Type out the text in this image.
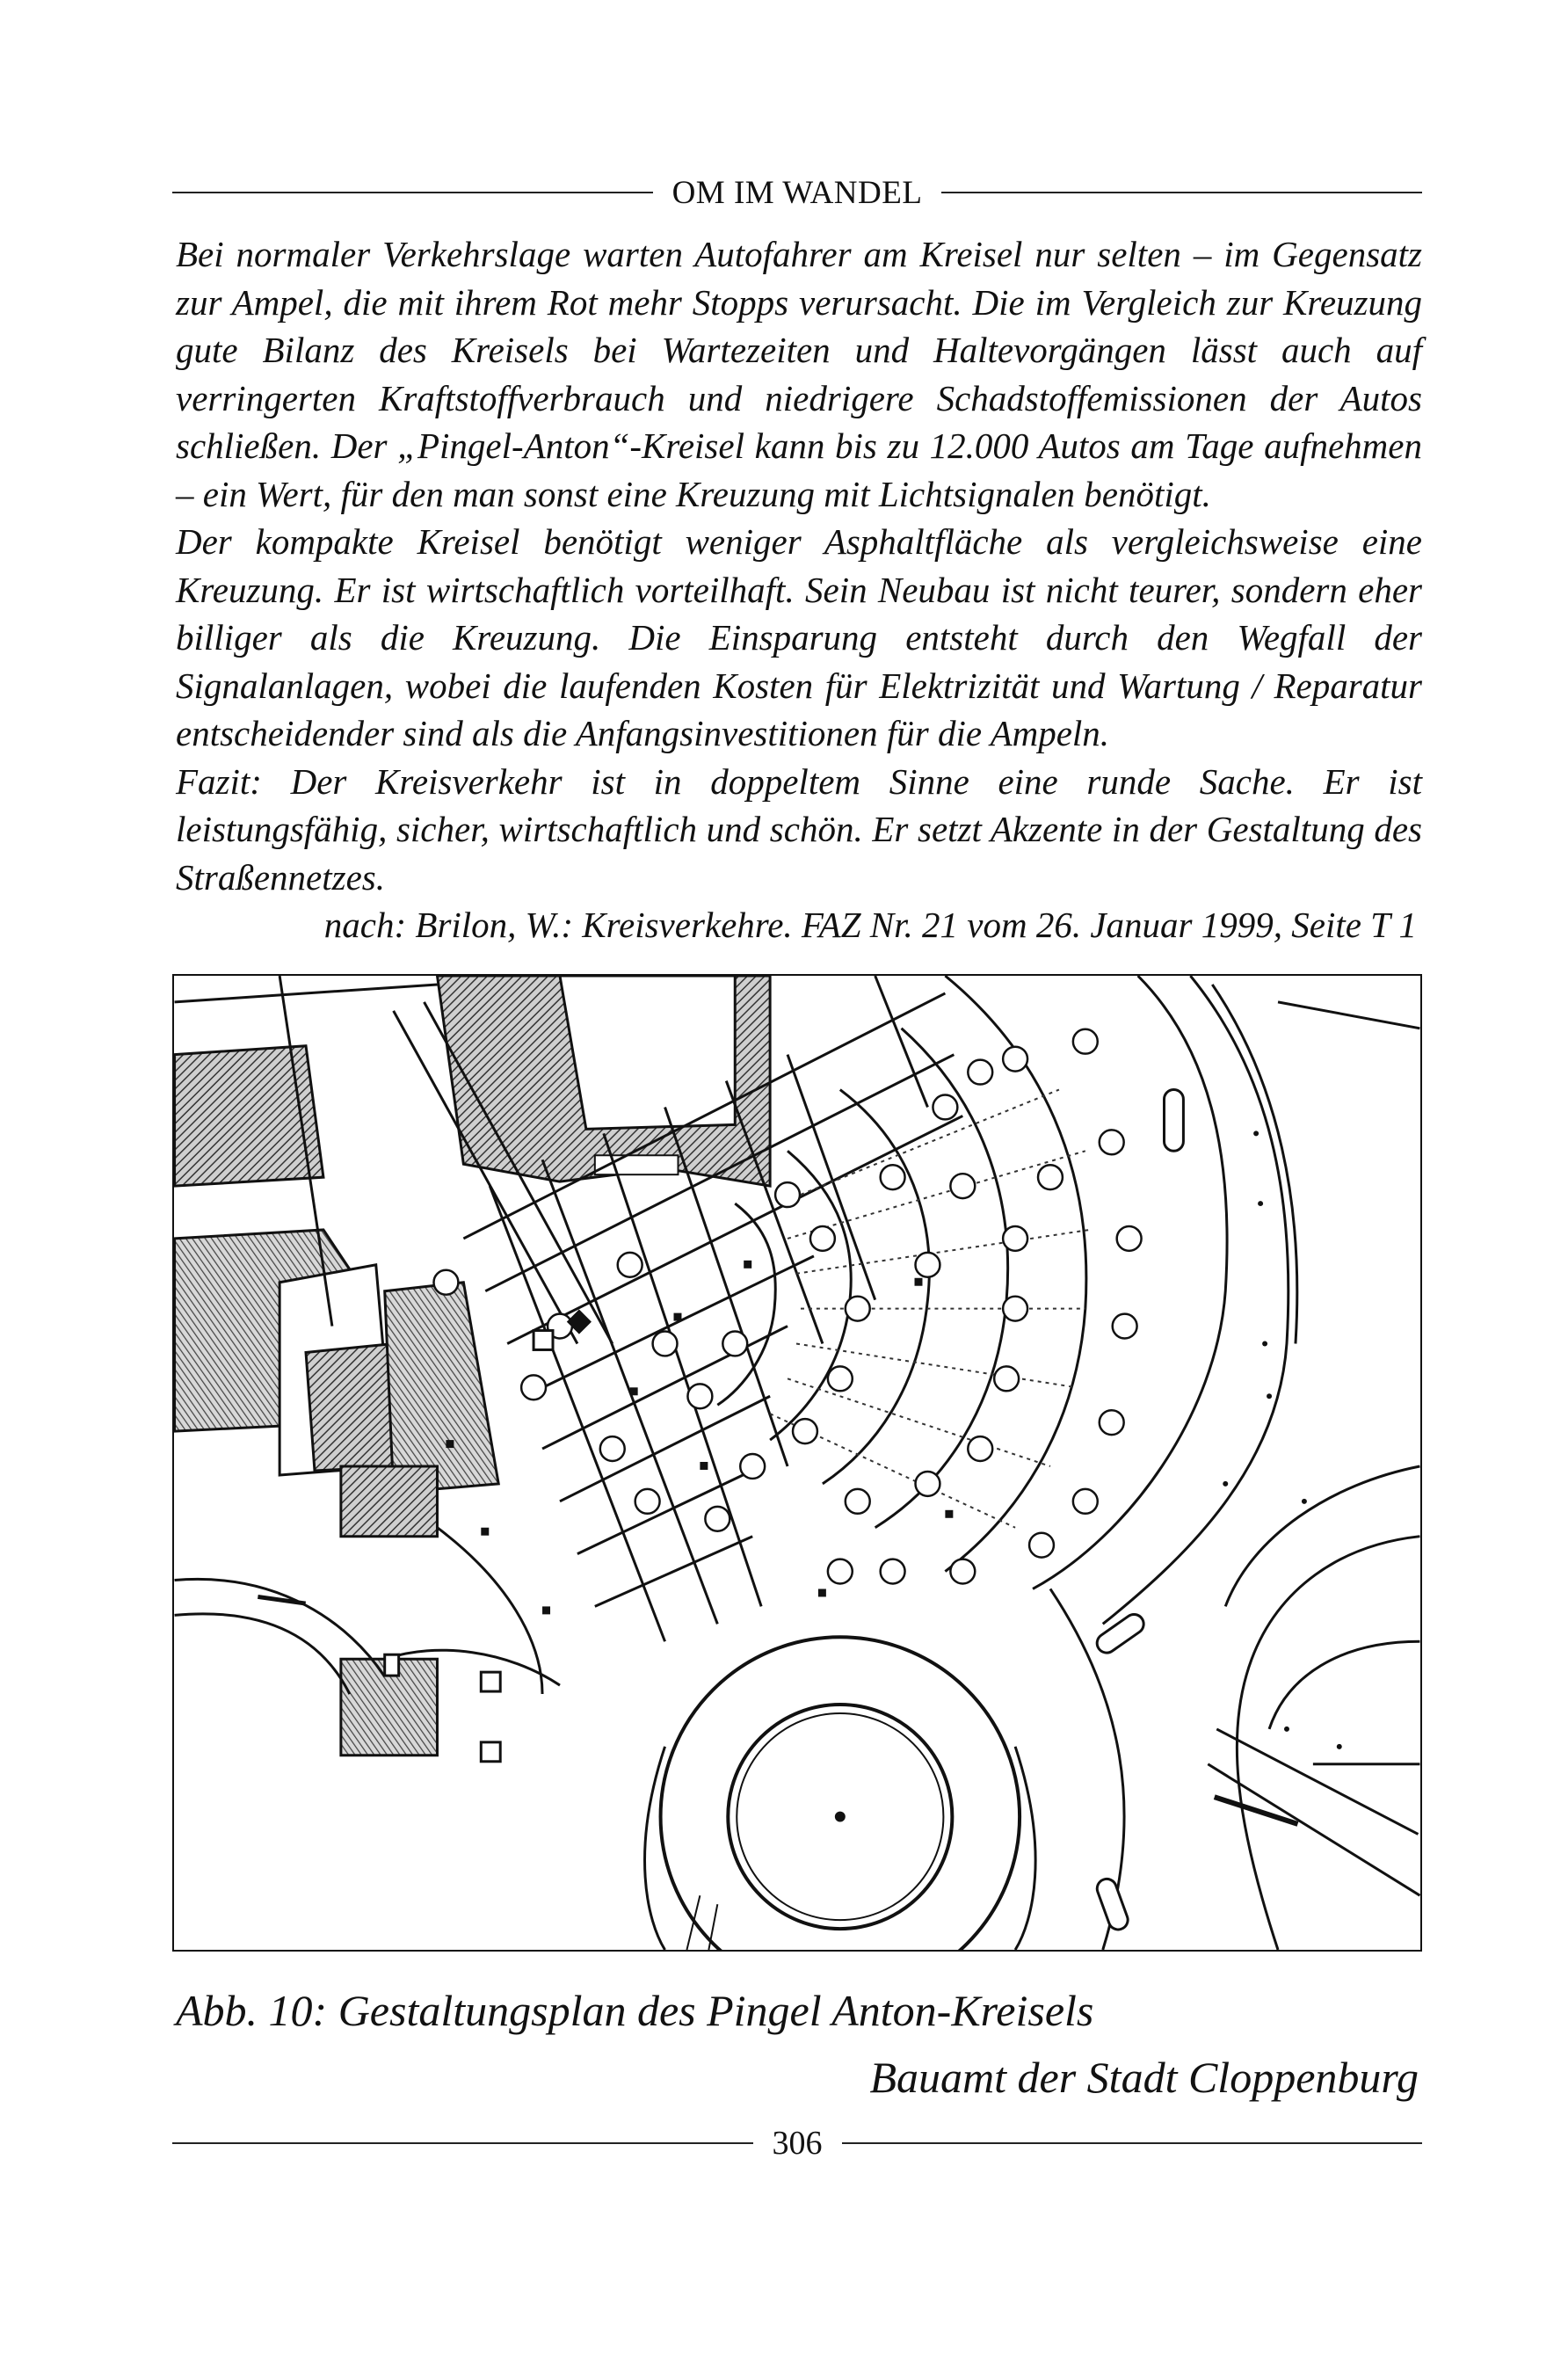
OM IM WANDEL

Bei normaler Verkehrslage warten Autofahrer am Kreisel nur selten – im Gegensatz zur Ampel, die mit ihrem Rot mehr Stopps verursacht. Die im Vergleich zur Kreuzung gute Bilanz des Kreisels bei Wartezeiten und Haltevorgängen lässt auch auf verringerten Kraftstoffverbrauch und niedrigere Schadstoffemissionen der Autos schließen. Der „Pingel-Anton“-Kreisel kann bis zu 12.000 Autos am Tage aufnehmen – ein Wert, für den man sonst eine Kreuzung mit Lichtsignalen benötigt.

Der kompakte Kreisel benötigt weniger Asphaltfläche als vergleichsweise eine Kreuzung. Er ist wirtschaftlich vorteilhaft. Sein Neubau ist nicht teurer, sondern eher billiger als die Kreuzung. Die Einsparung entsteht durch den Wegfall der Signalanlagen, wobei die laufenden Kosten für Elektrizität und Wartung / Reparatur entscheidender sind als die Anfangsinvestitionen für die Ampeln.

Fazit: Der Kreisverkehr ist in doppeltem Sinne eine runde Sache. Er ist leistungsfähig, sicher, wirtschaftlich und schön. Er setzt Akzente in der Gestaltung des Straßennetzes.

nach: Brilon, W.: Kreisverkehre. FAZ Nr. 21 vom 26. Januar 1999, Seite T 1

Abb. 10: Gestaltungsplan des Pingel Anton-Kreisels
Bauamt der Stadt Cloppenburg
306
